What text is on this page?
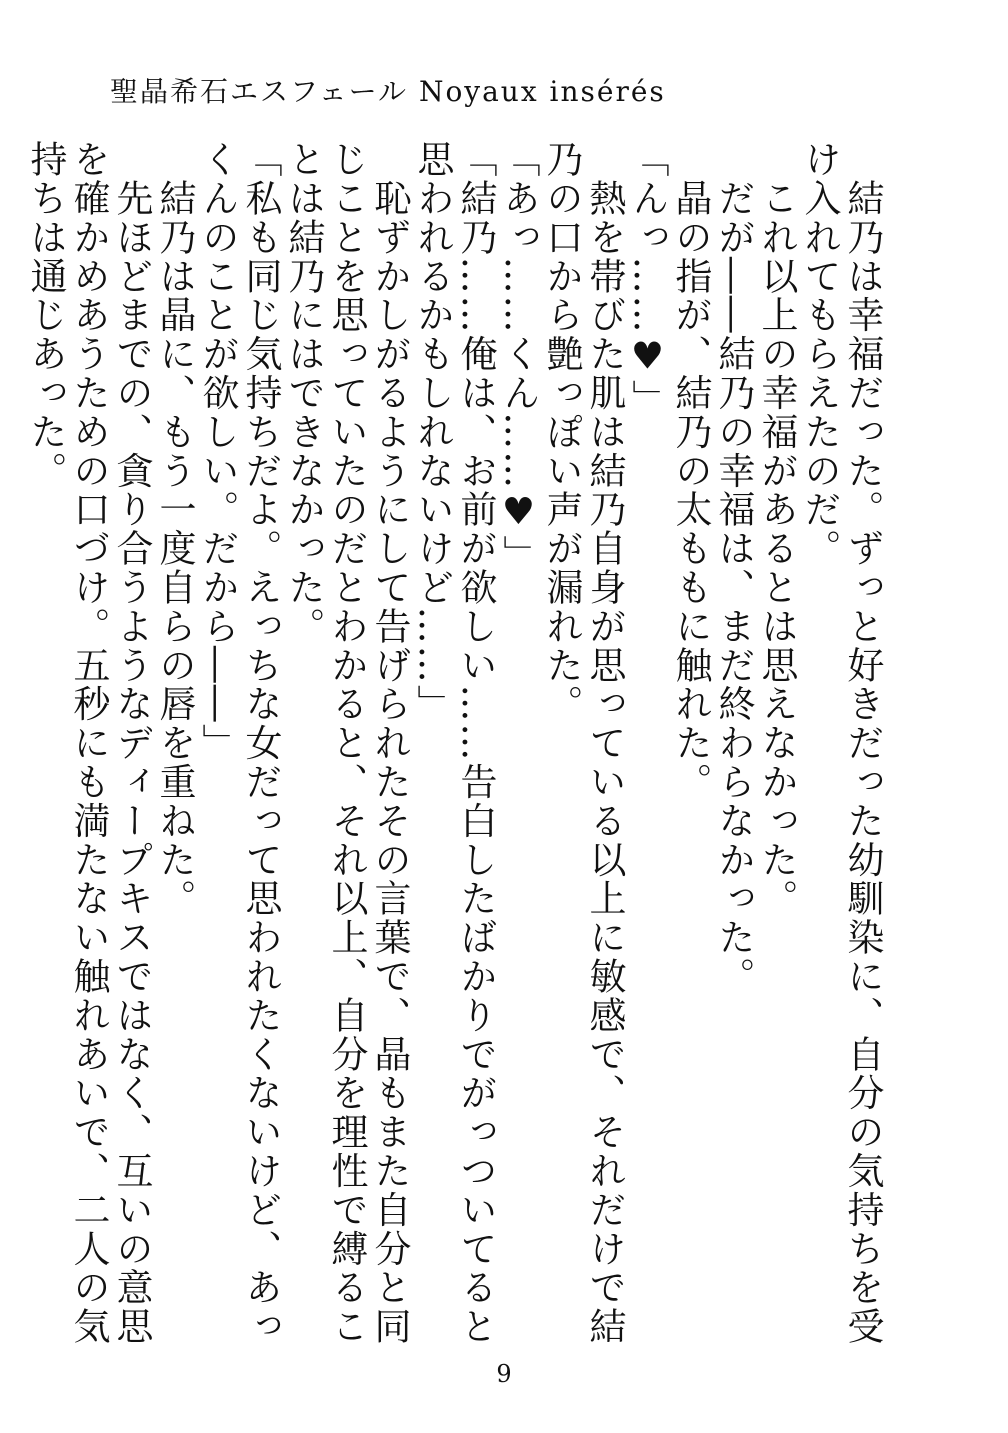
聖晶希石エスフェール Noyaux insérés

　結乃は幸福だった。ずっと好きだった幼馴染に、自分の気持ちを受け入れてもらえたのだ。

　これ以上の幸福があるとは思えなかった。

　だが――結乃の幸福は、まだ終わらなかった。

　晶の指が、結乃の太ももに触れた。

「んっ……♥」

　熱を帯びた肌は結乃自身が思っている以上に敏感で、それだけで結乃の口から艶っぽい声が漏れた。

「あっ……くん……♥」

「結乃……俺は、お前が欲しい……告白したばかりでがっついてると思われるかもしれないけど……」

　恥ずかしがるようにして告げられたその言葉で、晶もまた自分と同じことを思っていたのだとわかると、それ以上、自分を理性で縛ることは結乃にはできなかった。

「私も同じ気持ちだよ。えっちな女だって思われたくないけど、あっくんのことが欲しい。だから――」

　結乃は晶に、もう一度自らの唇を重ねた。

　先ほどまでの、貪り合うようなディープキスではなく、互いの意思を確かめあうための口づけ。五秒にも満たない触れあいで、二人の気持ちは通じあった。

9
